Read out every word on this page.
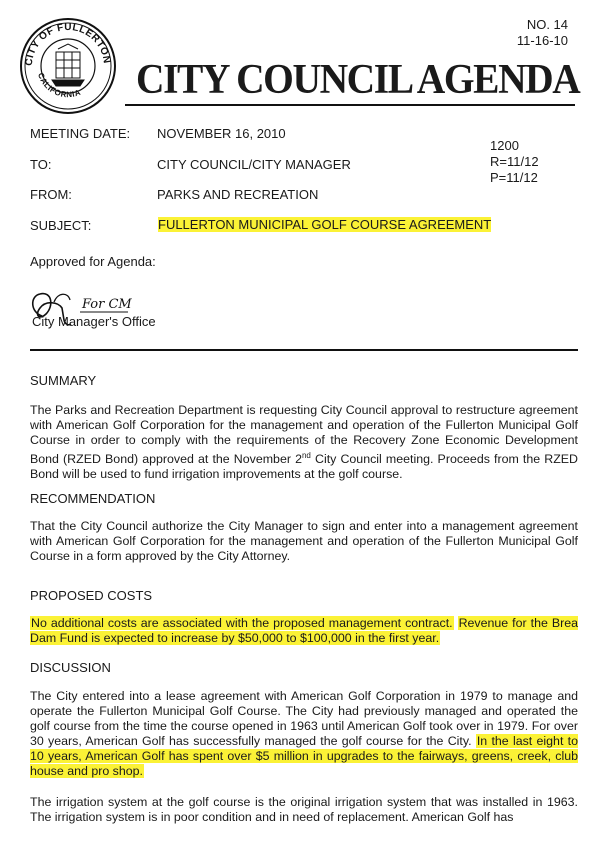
CITY OF FULLERTON
CALIFORNIA
NO. 14
11-16-10
CITY COUNCIL AGENDA
MEETING DATE: NOVEMBER 16, 2010
TO:	CITY COUNCIL/CITY MANAGER
FROM:	PARKS AND RECREATION
SUBJECT:	FULLERTON MUNICIPAL GOLF COURSE AGREEMENT
1200
R=11/12
P=11/12
Approved for Agenda:
For CM
City Manager's Office
SUMMARY
The Parks and Recreation Department is requesting City Council approval to restructure agreement with American Golf Corporation for the management and operation of the Fullerton Municipal Golf Course in order to comply with the requirements of the Recovery Zone Economic Development Bond (RZED Bond) approved at the November 2nd City Council meeting. Proceeds from the RZED Bond will be used to fund irrigation improvements at the golf course.
RECOMMENDATION
That the City Council authorize the City Manager to sign and enter into a management agreement with American Golf Corporation for the management and operation of the Fullerton Municipal Golf Course in a form approved by the City Attorney.
PROPOSED COSTS
No additional costs are associated with the proposed management contract. Revenue for the Brea Dam Fund is expected to increase by $50,000 to $100,000 in the first year.
DISCUSSION
The City entered into a lease agreement with American Golf Corporation in 1979 to manage and operate the Fullerton Municipal Golf Course. The City had previously managed and operated the golf course from the time the course opened in 1963 until American Golf took over in 1979. For over 30 years, American Golf has successfully managed the golf course for the City. In the last eight to 10 years, American Golf has spent over $5 million in upgrades to the fairways, greens, creek, club house and pro shop.
The irrigation system at the golf course is the original irrigation system that was installed in 1963. The irrigation system is in poor condition and in need of replacement. American Golf has
